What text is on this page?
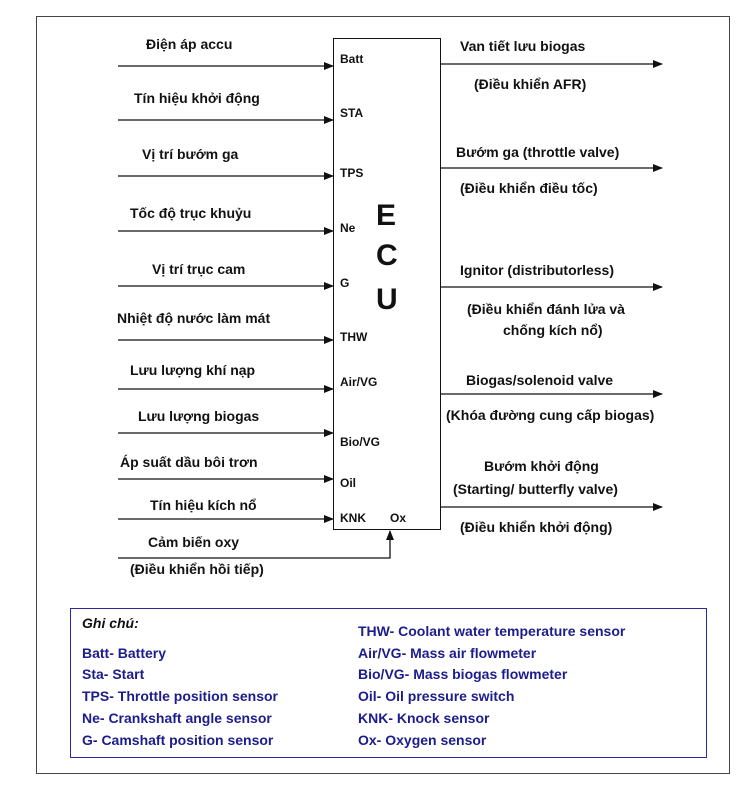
E
C
U
Điện áp accu
Tín hiệu khởi động
Vị trí bướm ga
Tốc độ trục khuỷu
Vị trí trục cam
Nhiệt độ nước làm mát
Lưu lượng khí nạp
Lưu lượng biogas
Áp suất dầu bôi trơn
Tín hiệu kích nổ
Cảm biến oxy
(Điều khiển hồi tiếp)
Batt
STA
TPS
Ne
G
THW
Air/VG
Bio/VG
Oil
KNK Ox
Van tiết lưu biogas
(Điều khiển AFR)
Bướm ga (throttle valve)
(Điều khiển điều tốc)
Ignitor (distributorless)
(Điều khiển đánh lửa và
chống kích nổ)
Biogas/solenoid valve
(Khóa đường cung cấp biogas)
Bướm khởi động
(Starting/ butterfly valve)
(Điều khiển khởi động)
Ghi chú:
Batt- Battery
Sta- Start
TPS- Throttle position sensor
Ne- Crankshaft angle sensor
G- Camshaft position sensor
THW- Coolant water temperature sensor
Air/VG- Mass air flowmeter
Bio/VG- Mass biogas flowmeter
Oil- Oil pressure switch
KNK- Knock sensor
Ox- Oxygen sensor
